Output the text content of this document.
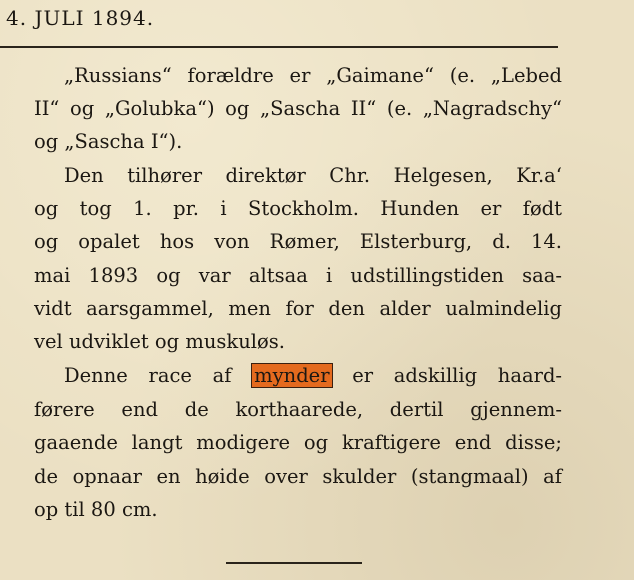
4. JULI 1894.
„Russians“ forældre er „Gaimane“ (e. „Lebed
II“ og „Golubka“) og „Sascha II“ (e. „Nagradschy“
og „Sascha I“).
Den tilhører direktør Chr. Helgesen, Kr.a‘
og tog 1. pr. i Stockholm. Hunden er født
og opalet hos von Rømer, Elsterburg, d. 14.
mai 1893 og var altsaa i udstillingstiden saa-
vidt aarsgammel, men for den alder ualmindelig
vel udviklet og muskuløs.
Denne race af mynder er adskillig haard-
førere end de korthaarede, dertil gjennem-
gaaende langt modigere og kraftigere end disse;
de opnaar en høide over skulder (stangmaal) af
op til 80 cm.
